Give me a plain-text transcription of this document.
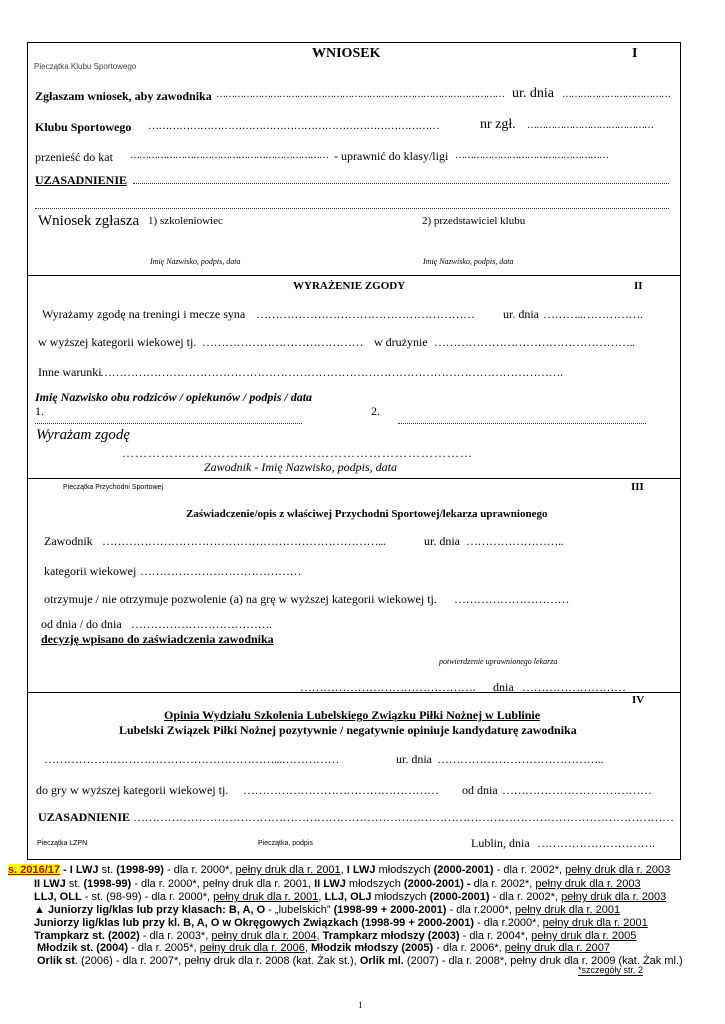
Pieczątka Klubu Sportowego
WNIOSEK	I
Zgłaszam wniosek, aby zawodnika …………………………………………………………………………………… ur. dnia ………………………………
Klubu Sportowego …………………………………………………………………………	nr zgł. ……………………………………
przenieść do kat ………………………………………………………… - uprawnić do klasy/ligi ……………………………………………
UZASADNIENIE
Wniosek zgłasza 1) szkoleniowiec	2) przedstawiciel klubu
Imię Nazwisko, podpis, data	Imię Nazwisko, podpis, data
WYRAŻENIE ZGODY	II
Wyrażamy zgodę na treningi i mecze syna ………………………………………………… ur. dnia ………..…………….
w wyższej kategorii wiekowej tj. …………………………………… w drużynie ……………………………………………..
Inne warunki
………………………………………………………………………………………………………….
Imię Nazwisko obu rodziców / opiekunów / podpis / data
1.	2.
Wyrażam zgodę
………………………………………………………………………
Zawodnik - Imię Nazwisko, podpis, data
Pieczątka Przychodni Sportowej	III
Zaświadczenie/opis z właściwej Przychodni Sportowej/lekarza uprawnionego
Zawodnik ………………………………………………………………...	ur. dnia ……………………..
kategorii wiekowej ……………………………………
otrzymuje / nie otrzymuje pozwolenie (a) na grę w wyższej kategorii wiekowej tj. …………………………
od dnia / do dnia ……………………………….
decyzję wpisano do zaświadczenia zawodnika
potwierdzenie uprawnionego lekarza
………………………………………. dnia ………………………
IV
Opinia Wydziału Szkolenia Lubelskiego Związku Piłki Nożnej w Lublinie
Lubelski Związek Piłki Nożnej pozytywnie / negatywnie opiniuje kandydaturę zawodnika
……………………………………………………...……………	ur. dnia ……………………………………..
do gry w wyższej kategorii wiekowej tj. …………………………………………… od dnia …………………………………
UZASADNIENIE ……………………………………………………………………………………………………………………………
Pieczątka LZPN	Pieczątka, podpis	Lublin, dnia ………………………….
s. 2016/17 - I LWJ st. (1998-99) - dla r. 2000*, pełny druk dla r. 2001, I LWJ młodszych (2000-2001) - dla r. 2002*, pełny druk dla r. 2003
II LWJ st. (1998-99) - dla r. 2000*, pełny druk dla r. 2001, II LWJ młodszych (2000-2001) - dla r. 2002*, pełny druk dla r. 2003
LLJ, OLL - st. (98-99) - dla r. 2000*, pełny druk dla r. 2001, LLJ, OLJ młodszych (2000-2001) - dla r. 2002*, pełny druk dla r. 2003
▲ Juniorzy lig/klas lub przy klasach: B, A, O - „lubelskich” (1998-99 + 2000-2001) - dla r.2000*, pełny druk dla r. 2001
Juniorzy lig/klas lub przy kl. B, A, O w Okręgowych Związkach (1998-99 + 2000-2001) - dla r.2000*, pełny druk dla r. 2001
Trampkarz st. (2002) - dla r. 2003*, pełny druk dla r. 2004, Trampkarz młodszy (2003) - dla r. 2004*, pełny druk dla r. 2005
Młodzik st. (2004) - dla r. 2005*, pełny druk dla r. 2006, Młodzik młodszy (2005) - dla r. 2006*, pełny druk dla r. 2007
Orlik st. (2006) - dla r. 2007*, pełny druk dla r. 2008 (kat. Żak st.), Orlik ml. (2007) - dla r. 2008*, pełny druk dla r. 2009 (kat. Żak ml.)
*szczegóły str. 2
1
